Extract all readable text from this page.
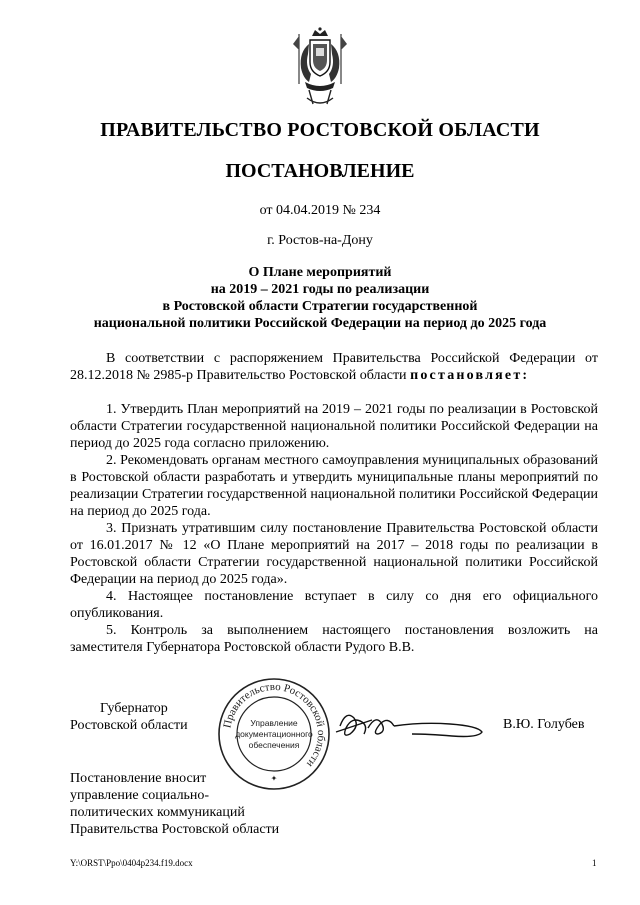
ПРАВИТЕЛЬСТВО РОСТОВСКОЙ ОБЛАСТИ
ПОСТАНОВЛЕНИЕ
от 04.04.2019 № 234
г. Ростов-на-Дону
О Плане мероприятий
на 2019 – 2021 годы по реализации
в Ростовской области Стратегии государственной
национальной политики Российской Федерации на период до 2025 года

В соответствии с распоряжением Правительства Российской Федерации от 28.12.2018 № 2985-р Правительство Ростовской области постановляет:

1. Утвердить План мероприятий на 2019 – 2021 годы по реализации в Ростовской области Стратегии государственной национальной политики Российской Федерации на период до 2025 года согласно приложению.

2. Рекомендовать органам местного самоуправления муниципальных образований в Ростовской области разработать и утвердить муниципальные планы мероприятий по реализации Стратегии государственной национальной политики Российской Федерации на период до 2025 года.

3. Признать утратившим силу постановление Правительства Ростовской области от 16.01.2017 № 12 «О Плане мероприятий на 2017 – 2018 годы по реализации в Ростовской области Стратегии государственной национальной политики Российской Федерации на период до 2025 года».

4. Настоящее постановление вступает в силу со дня его официального опубликования.

5. Контроль за выполнением настоящего постановления возложить на заместителя Губернатора Ростовской области Рудого В.В.

Губернатор
Ростовской области	Правительство Ростовской области
Управление
документационного
обеспечения
✦
В.Ю. Голубев
Постановление вносит
управление социально-
политических коммуникаций
Правительства Ростовской области
Y:\ORST\Ppo\0404p234.f19.docx	1
